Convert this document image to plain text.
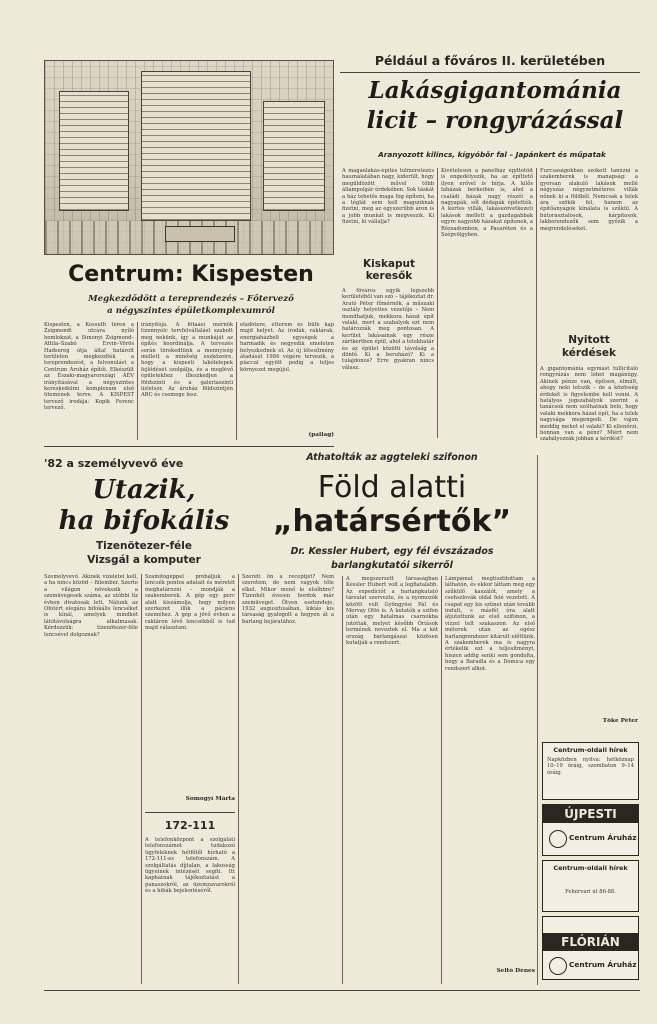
Például a főváros II. kerületében
Lakásgigantománia
licit – rongyrázással
Aranyozott kilincs, kígyóbőr fal – Japánkert és műpatak
A magánlakás-építés túlméretezés használatában nagy, kiderült, hogy megüldözött művel több állampolgár érdekében. Sok táskát a ház tehetős maga fog építeni, ha a téglát sem kell magunknak fizetni, meg az egyszerűbb áron is a jobb munkát is megveszik. Ki fizetni, ki vállalja?
Kivételesen a panelház építtetőit is engedélyezik, ha az építtető ilyen erővel is bírja. A kilős faházak berkeiben is, ahol a családi házak nagy részét a nagyapák, sőt dédapák építették. A kertes villák, lakásszövetkezeti lakások mellett a gazdagabbak egyre nagyobb házakat építenek, a Rózsadombon, a Pasaréten és a Szépvölgyben.
Furcsaságokban szokott tanúzni a szakemberek is manapság: a gyorsan alakuló lakások mellé négyszáz négyzetméteres villák nőnek ki a földből. Nemcsak a telek ára szökik fel, hanem az építőanyagok kínálata is szűkül. A bútorasztalosok, kárpitosok, lakberendezők sem győzik a megrendeléseket.
Kiskaput keresők
A főváros egyik legszebb kerületéből van szó – tájékoztat dr. Arató Péter főmérnök, a műszaki osztály helyettes vezetője – Nem mondhatjuk, mekkora házat épít valaki, mert a szabályok ezt nem határozzák meg pontosan. A kerület lakásainak egy része zártkertben épül, ahol a telekhatár és az épület közötti távolság a döntő. Ki a beruházó? Ki a tulajdonos? Erre gyakran nincs válasz.
Nyitott
kérdések
A gigantománia egymást túllicitáló rongyrázás nem lehet magánügy. Akinek pénze van, építsen, elmúlt, ahogy neki tetszik – de a közösség érdekét is figyelembe kell venni. A hatályos jogszabályok szerint a tanácsok nem szólhatnak bele, hogy valaki mekkora házat épít, ha a telek nagysága megengedi. De vajon meddig mehet el valaki? Ki ellenőrzi, honnan van a pénz? Miért nem szabályozzák jobban a kérdést?
Tőke Péter
Centrum: Kispesten
Megkezdődött a tereprendezés – Főtervező
a négyszintes épületkomplexumról
Kispesten, a Kossuth téren a Zsigmondi utcára nyíló homlokzat, a Simonyi Zsigmond–Attila–Szabó Ervin–Vörös Hadsereg útja által határolt területen megkezdték a tereprendezést, a felvonulást a Centrum Áruház építői. Elkészült az Északi-magyarországi ÁÉV irányításával a négyszintes kereskedelmi komplexum első ütemének terve. A KISPEST tervező irodája: Kopik Ferenc tervező.
irányítója. A főtaási mérnök tizennyolc tervfelvállalást szabott meg nekünk, így a munkáját az építés koordinálja. A tervezés során törekedtünk a mennyiség mellett a minőség eszközeire, hogy a kispesti lakótelepek fejlődését szolgálja, és a meglévő épületekhez illeszkedjen a földszinti és a galériaszinti üzletsor. Az áruház földszintjén ABC és csemege lesz.
eladótere, étterem és büfé kap majd helyet. Az irodák, raktárak, energiaházbeli egységek a harmadik és negyedik emeleten helyezkednek el. Az új létesítmény átadását 1984 végére tervezik, a piaccal együtt pedig a teljes környezet megújul.
(pallag)
'82 a személyvevő éve
Utazik,
ha bifokális
Tizenötezer-féle
Vizsgál a komputer
Személyvevő. Akinek vizeletei kell, a ha nincs közöd – fülember. Szerte a világon növekszik a szemüvegesek száma, az utóbbi tíz évben divatosak lett. Nálunk az Ofotért elegáns bifokális lencséket is kínál, amelyek mindkét látótávolságra alkalmasak. Kérdezzük: tizenötezer-féle lencsével dolgoznak?
Számítógéppel próbáljuk a lencsék pontos adatait és méretét meghatározni – mondják a szakemberek. A gép egy perc alatt kiszámolja, hogy milyen szerkezet illik a páciens szeméhez. A gép a jövő évben a raktáron lévő lencsékből is tud majd választani.
Somogyi Márta
Szereti ön a receptjét? Nem szeretem, de nem vagyok tőle elkel. Mikor menő le elsőbbre? Tizenhét évesen hordok már szemüveget. Ötven esztendeje, 1932 augusztusában, kikiás kis társaság gyalogolt a hegyen át a barlang bejáratához.
172-111
A telefonközpont a szolgálati telefonszámot tudakozó ügyfeleknek hétfőtől hívható a 172-111-es telefonszám. A szolgáltatás díjtalan, a lakosság ügyeinek intézését segíti. Itt kaphatnak tájékoztatást a panaszokról, az üzemzavarokról és a hibák bejelentéséről.
Áthatolták az aggteleki szifonon
Föld alatti
„határsértők”
Dr. Kessler Hubert, egy fél évszázados
barlangkutatói sikerről
A megszerzett társaságban Kessler Hubert volt a legfiatalabb. Az expedíciót a barlangkutató társulat szervezte, és a nyomozók között volt Gyöngyösi Pál és Mervay Ottó is. A kutatók a szifon után egy hatalmas csarnokba jutottak, melyet később Óriások termének neveztek el. Ma a két ország barlangászai közösen kutatják a rendszert.
Lámpámat megtisztítottam a láthatón, és ekkor láttam meg egy szűkülő kaszálót, amely a csehszlovák oldal felé vezetett. A csapat egy kis szünet után tovább indult, s másfél óra alatt átjutottunk az első szifonon, a vízzel telt szakaszon. Az első méterek után az egész barlangrendszer kitárult előttünk. A szakemberek ma is nagyra értékelik ezt a teljesítményt, hiszen addig senki sem gondolta, hogy a Baradla és a Domica egy rendszert alkot.
Seltó Dénes
Centrum-oldali hírek
Napközben nyitva: hétköznap 10–19 óráig, szombaton 9–14 óráig.
ÚJPESTI
Centrum Áruház
Centrum-oldali hírek
Fehérvári út 86-88.
FLÓRIÁN
Centrum Áruház
